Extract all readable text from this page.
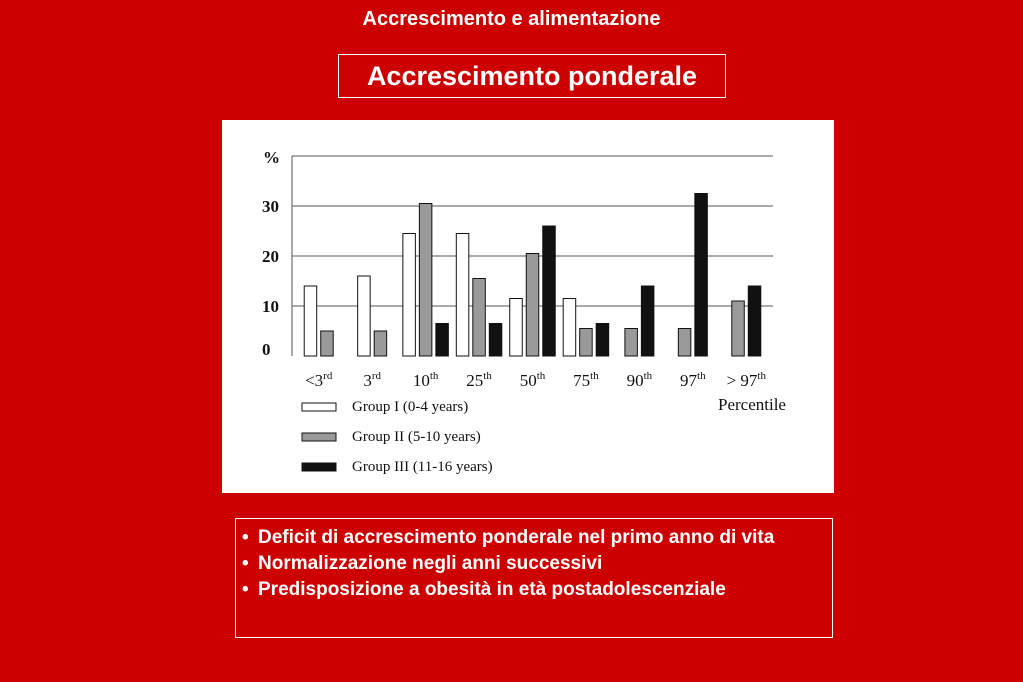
Accrescimento e alimentazione
Accrescimento ponderale
0
10
20
30
%
<3rd 3rd 10th 25th 50th 75th 90th 97th > 97th
Percentile
Group I (0-4 years)
Group II (5-10 years)
Group III (11-16 years)
• Deficit di accrescimento ponderale nel primo anno di vita
• Normalizzazione negli anni successivi
• Predisposizione a obesità in età postadolescenziale
